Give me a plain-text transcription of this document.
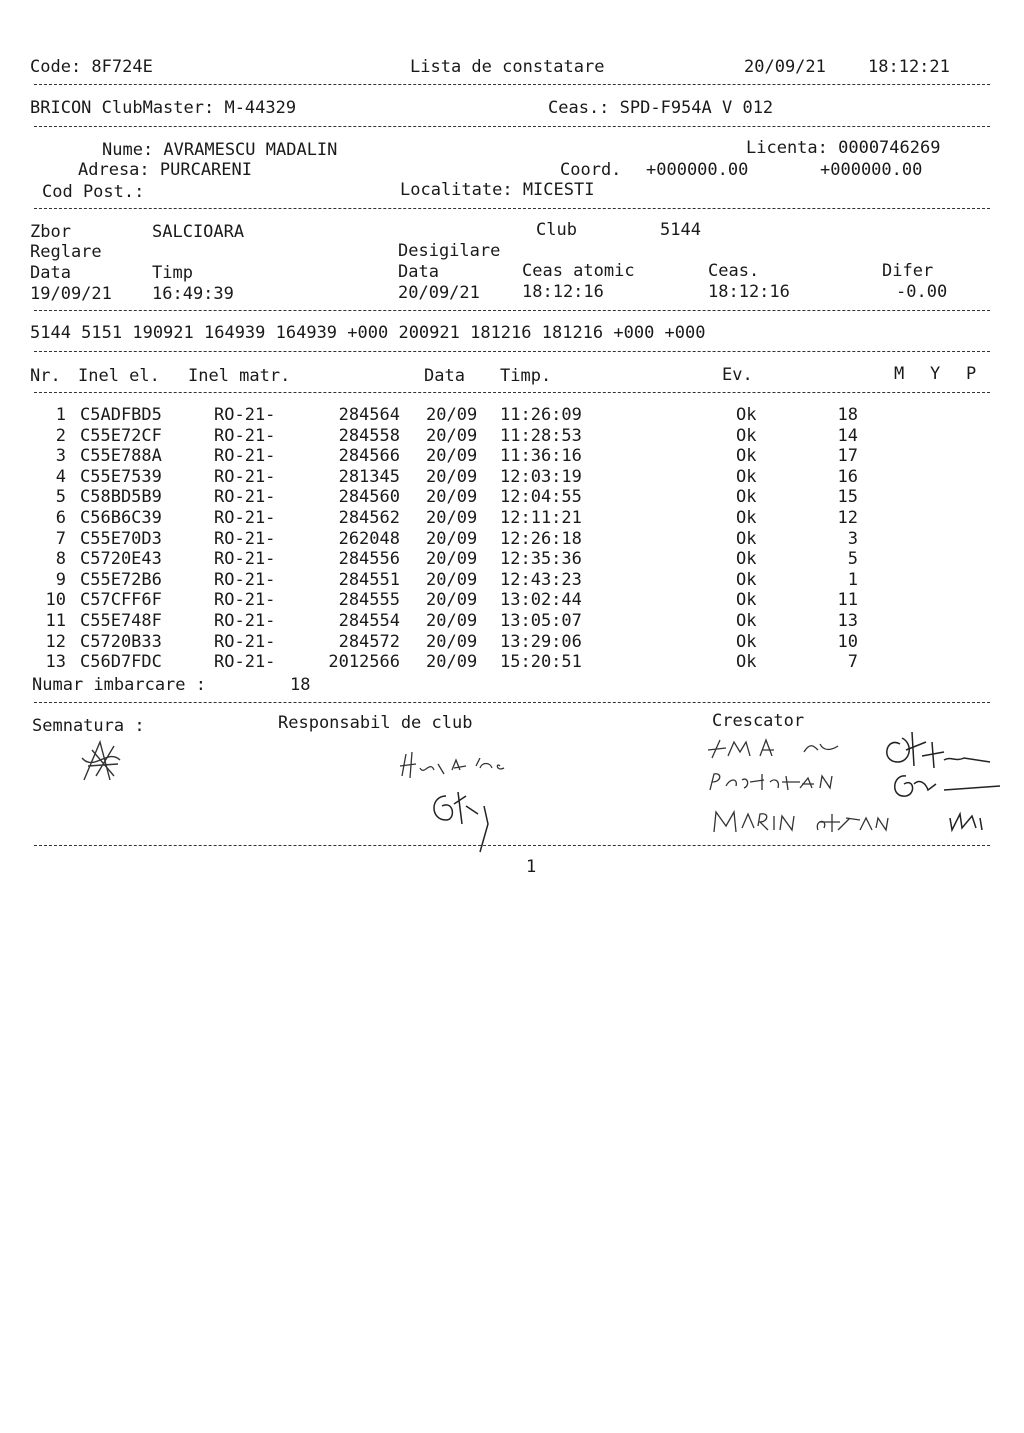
Code: 8F724E	Lista de constatare	20/09/21 18:12:21
BRICON ClubMaster: M-44329	Ceas.: SPD-F954A V 012
Nume: AVRAMESCU MADALIN	Licenta: 0000746269
Adresa: PURCARENI	Coord. +000000.00	+000000.00
Cod Post.:	Localitate: MICESTI
Zbor	SALCIOARA	Club	5144
Reglare	Desigilare
Data	Timp	Data	Ceas atomic	Ceas.	Difer
19/09/21 16:49:39	20/09/21 18:12:16	18:12:16	-0.00
5144 5151 190921 164939 164939 +000 200921 181216 181216 +000 +000
Nr. Inel el. Inel matr.	Data Timp.	Ev.	M Y P
1 C5ADFBD5	RO-21-	284564 20/09	11:26:09	Ok	18
2 C55E72CF	RO-21-	284558 20/09	11:28:53	Ok	14
3 C55E788A	RO-21-	284566 20/09	11:36:16	Ok	17
4 C55E7539	RO-21-	281345 20/09	12:03:19	Ok	16
5 C58BD5B9	RO-21-	284560 20/09	12:04:55	Ok	15
6 C56B6C39	RO-21-	284562 20/09	12:11:21	Ok	12
7 C55E70D3	RO-21-	262048 20/09	12:26:18	Ok	3
8 C5720E43	RO-21-	284556 20/09	12:35:36	Ok	5
9 C55E72B6	RO-21-	284551 20/09	12:43:23	Ok	1
10 C57CFF6F	RO-21-	284555 20/09	13:02:44	Ok	11
11 C55E748F	RO-21-	284554 20/09	13:05:07	Ok	13
12 C5720B33	RO-21-	284572 20/09	13:29:06	Ok	10
13 C56D7FDC	RO-21-	2012566 20/09	15:20:51	Ok	7
Numar imbarcare :	18
Semnatura :	Responsabil de club	Crescator
1
